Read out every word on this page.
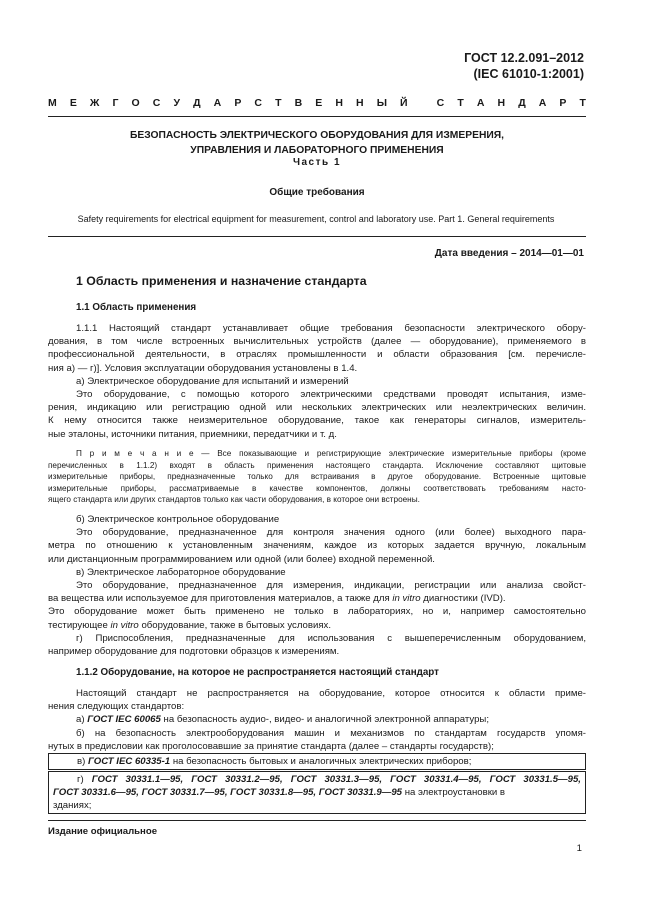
ГОСТ 12.2.091–2012
(IEC 61010-1:2001)
М Е Ж Г О С У Д А Р С Т В Е Н Н Ы Й
	С Т А Н Д А Р Т
БЕЗОПАСНОСТЬ ЭЛЕКТРИЧЕСКОГО ОБОРУДОВАНИЯ ДЛЯ ИЗМЕРЕНИЯ,
УПРАВЛЕНИЯ И ЛАБОРАТОРНОГО ПРИМЕНЕНИЯ
Часть 1
Общие требования
Safety requirements for electrical equipment for measurement, control and laboratory use. Part 1. General requirements
Дата введения – 2014—01—01
1 Область применения и назначение стандарта
1.1 Область применения
1.1.1 Настоящий стандарт устанавливает общие требования безопасности электрического обору-
дования, в том числе встроенных вычислительных устройств (далее — оборудование), применяемого в
профессиональной деятельности, в отраслях промышленности и области образования [см. перечисле-
ния а) — г)]. Условия эксплуатации оборудования установлены в 1.4.
а) Электрическое оборудование для испытаний и измерений
Это оборудование, с помощью которого электрическими средствами проводят испытания, изме-
рения, индикацию или регистрацию одной или нескольких электрических или неэлектрических величин.
К нему относится также неизмерительное оборудование, такое как генераторы сигналов, измеритель-
ные эталоны, источники питания, приемники, передатчики и т. д.
П р и м е ч а н и е — Все показывающие и регистрирующие электрические измерительные приборы (кроме
перечисленных в 1.1.2) входят в область применения настоящего стандарта. Исключение составляют щитовые
измерительные приборы, предназначенные только для встраивания в другое оборудование. Встроенные щитовые
измерительные приборы, рассматриваемые в качестве компонентов, должны соответствовать требованиям насто-
ящего стандарта или других стандартов только как части оборудования, в которое они встроены.
б) Электрическое контрольное оборудование
Это оборудование, предназначенное для контроля значения одного (или более) выходного пара-
метра по отношению к установленным значениям, каждое из которых задается вручную, локальным
или дистанционным программированием или одной (или более) входной переменной.
в) Электрическое лабораторное оборудование
Это оборудование, предназначенное для измерения, индикации, регистрации или анализа свойст-
ва вещества или используемое для приготовления материалов, а также для in vitro диагностики (IVD).
Это оборудование может быть применено не только в лабораториях, но и, например самостоятельно
тестирующее in vitro оборудование, также в бытовых условиях.
г) Приспособления, предназначенные для использования с вышеперечисленным оборудованием,
например оборудование для подготовки образцов к измерениям.
1.1.2 Оборудование, на которое не распространяется настоящий стандарт
Настоящий стандарт не распространяется на оборудование, которое относится к области приме-
нения следующих стандартов:
а) ГОСТ IEC 60065 на безопасность аудио-, видео- и аналогичной электронной аппаратуры;
б) на безопасность электрооборудования машин и механизмов по стандартам государств упомя-
нутых в предисловии как проголосовавшие за принятие стандарта (далее – стандарты государств);
в) ГОСТ IEC 60335-1 на безопасность бытовых и аналогичных электрических приборов;
г) ГОСТ 30331.1—95, ГОСТ 30331.2—95, ГОСТ 30331.3—95, ГОСТ 30331.4—95, ГОСТ 30331.5—95,
ГОСТ 30331.6—95, ГОСТ 30331.7—95, ГОСТ 30331.8—95, ГОСТ 30331.9—95 на электроустановки в
зданиях;
Издание официальное
1
